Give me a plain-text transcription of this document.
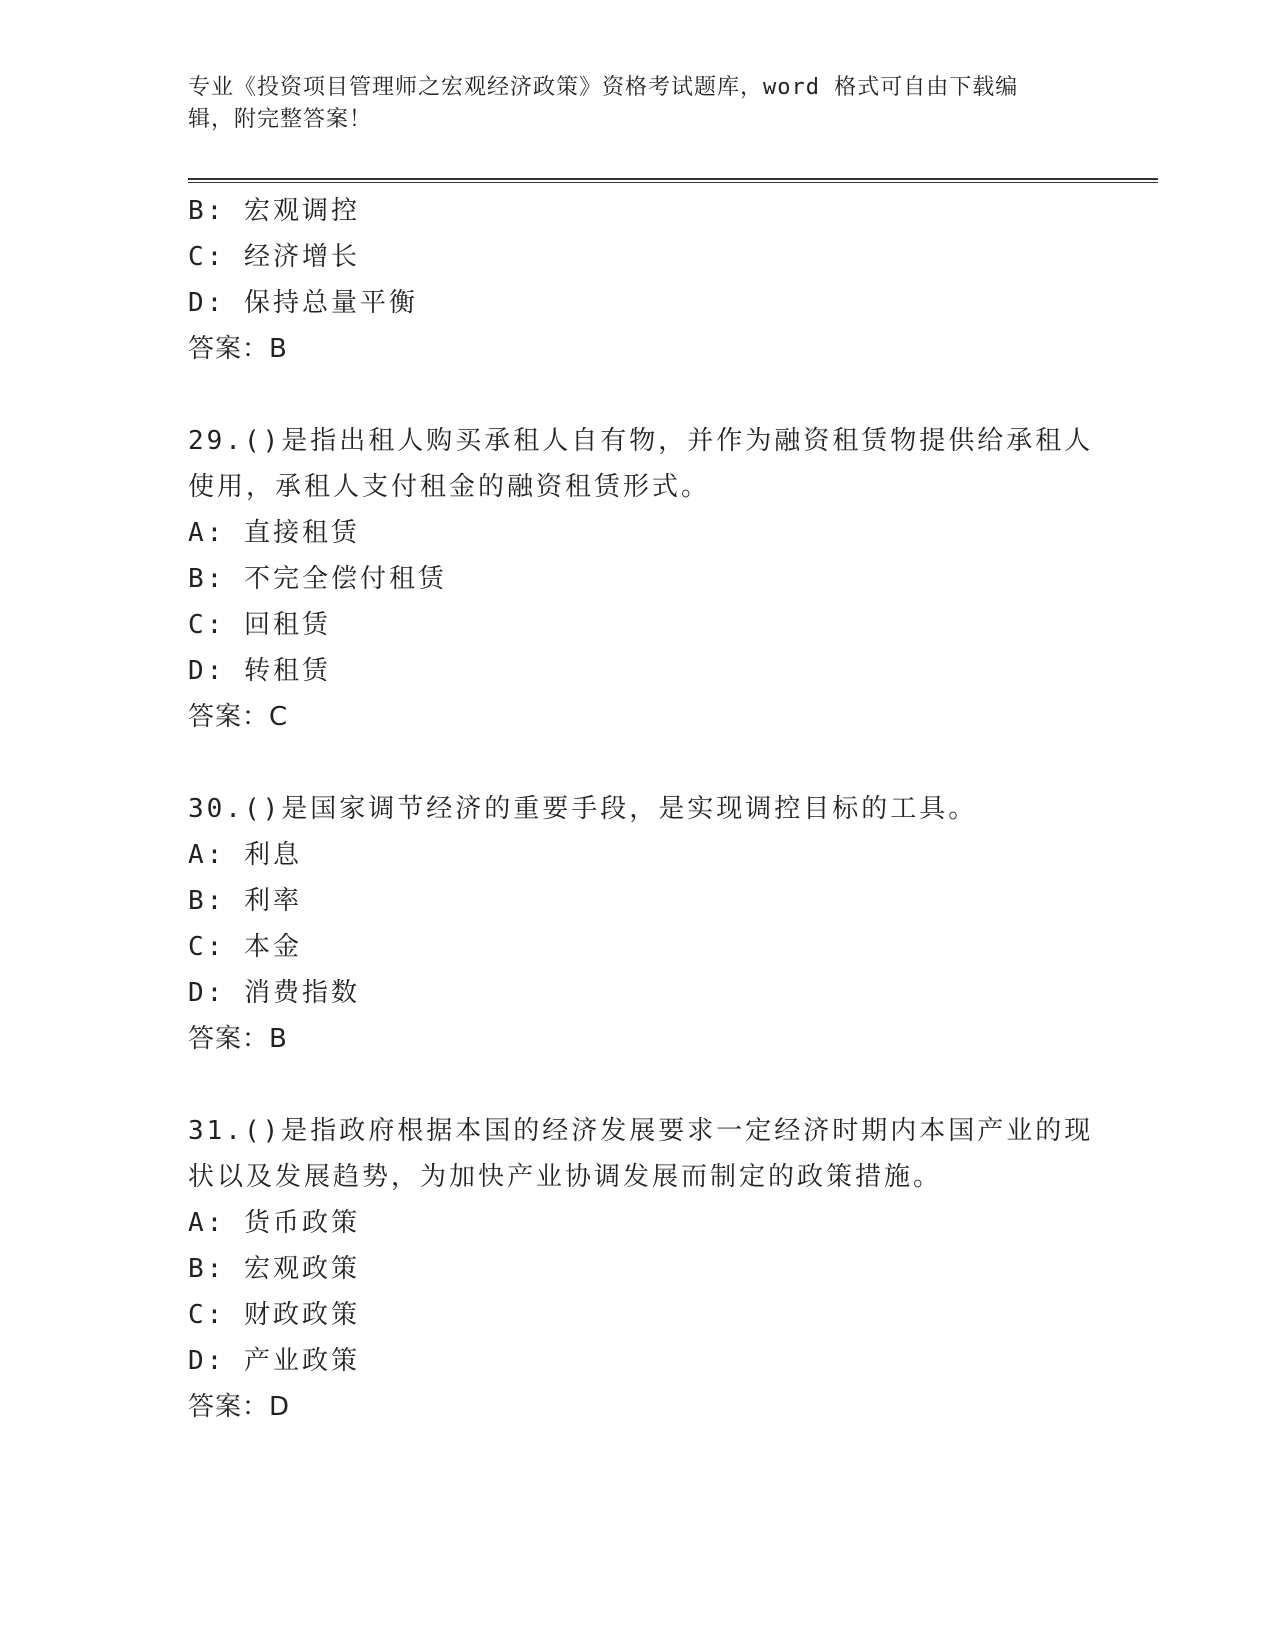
专业《投资项目管理师之宏观经济政策》资格考试题库，word 格式可自由下载编
辑，附完整答案！
B: 宏观调控
C: 经济增长
D: 保持总量平衡
答案：B
29.()是指出租人购买承租人自有物，并作为融资租赁物提供给承租人
使用，承租人支付租金的融资租赁形式。
A: 直接租赁
B: 不完全偿付租赁
C: 回租赁
D: 转租赁
答案：C
30.()是国家调节经济的重要手段，是实现调控目标的工具。
A: 利息
B: 利率
C: 本金
D: 消费指数
答案：B
31.()是指政府根据本国的经济发展要求一定经济时期内本国产业的现
状以及发展趋势，为加快产业协调发展而制定的政策措施。
A: 货币政策
B: 宏观政策
C: 财政政策
D: 产业政策
答案：D
